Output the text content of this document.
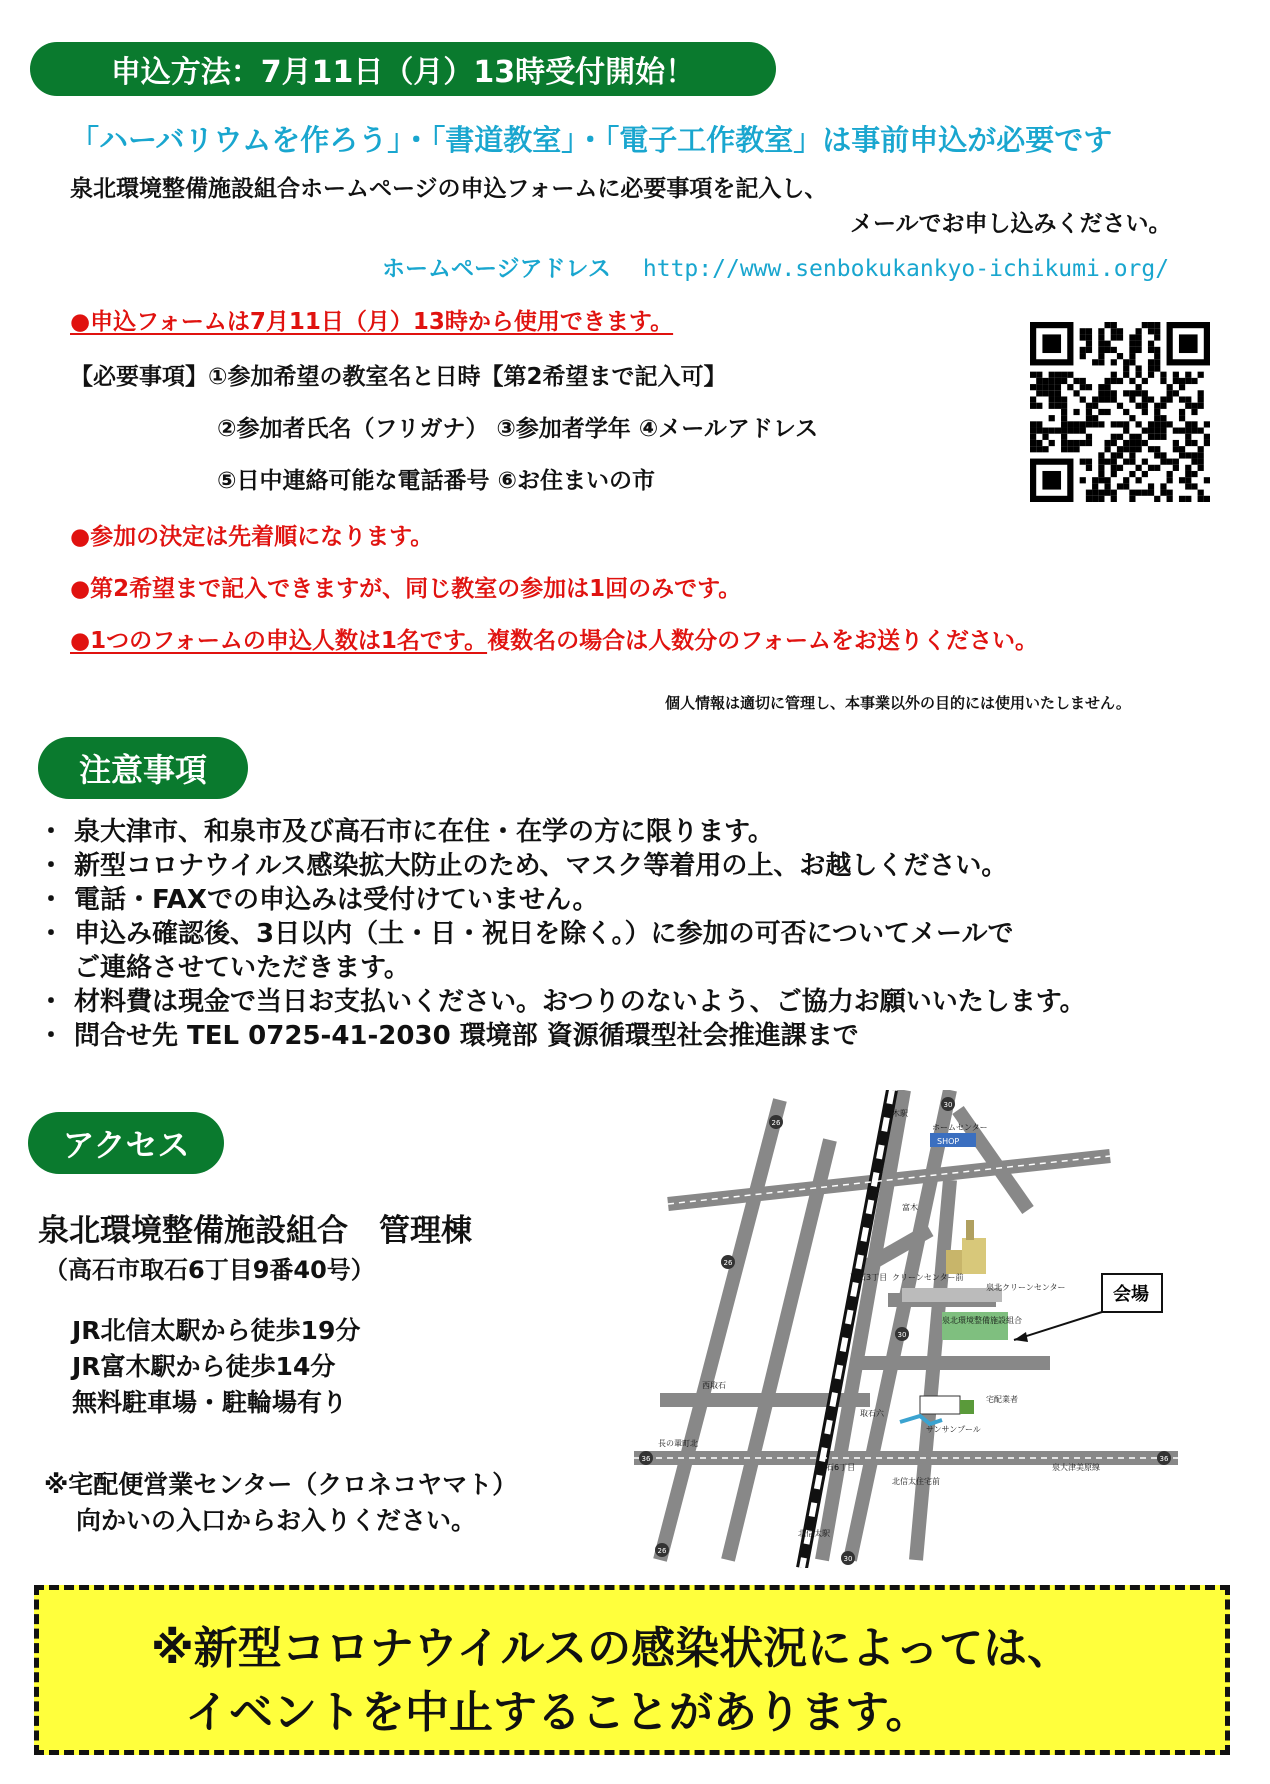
申込方法：7月11日（月）13時受付開始！
「ハーバリウムを作ろう」・「書道教室」・「電子工作教室」は事前申込が必要です
泉北環境整備施設組合ホームページの申込フォームに必要事項を記入し、
メールでお申し込みください。
ホームページアドレス http://www.senbokukankyo-ichikumi.org/
●申込フォームは7月11日（月）13時から使用できます。
【必要事項】①参加希望の教室名と日時【第2希望まで記入可】
②参加者氏名（フリガナ） ③参加者学年 ④メールアドレス
⑤日中連絡可能な電話番号 ⑥お住まいの市
●参加の決定は先着順になります。
●第2希望まで記入できますが、同じ教室の参加は1回のみです。
●1つのフォームの申込人数は1名です。複数名の場合は人数分のフォームをお送りください。
個人情報は適切に管理し、本事業以外の目的には使用いたしません。
注意事項
・ 泉大津市、和泉市及び高石市に在住・在学の方に限ります。
・ 新型コロナウイルス感染拡大防止のため、マスク等着用の上、お越しください。
・ 電話・FAXでの申込みは受付けていません。
・ 申込み確認後、3日以内（土・日・祝日を除く。）に参加の可否についてメールで
ご連絡させていただきます。
・ 材料費は現金で当日お支払いください。おつりのないよう、ご協力お願いいたします。
・ 問合せ先 TEL 0725-41-2030 環境部 資源循環型社会推進課まで
アクセス
泉北環境整備施設組合　管理棟
（高石市取石6丁目9番40号）
JR北信太駅から徒歩19分
JR富木駅から徒歩14分
無料駐車場・駐輪場有り
※宅配便営業センター（クロネコヤマト）
向かいの入口からお入りください。
SHOP
ホームセンター
富木
富木駅
取石3丁目 クリーンセンター前
泉北クリーンセンター
泉北環境整備施設組合
宅配業者
サンサンプール
西取石
取石六
長の輩町北
取石6丁目
北信太住宅前
泉大津美原線
北信太駅
26
26
26
30
30
30
36	36
会場
※新型コロナウイルスの感染状況によっては、
イベントを中止することがあります。
